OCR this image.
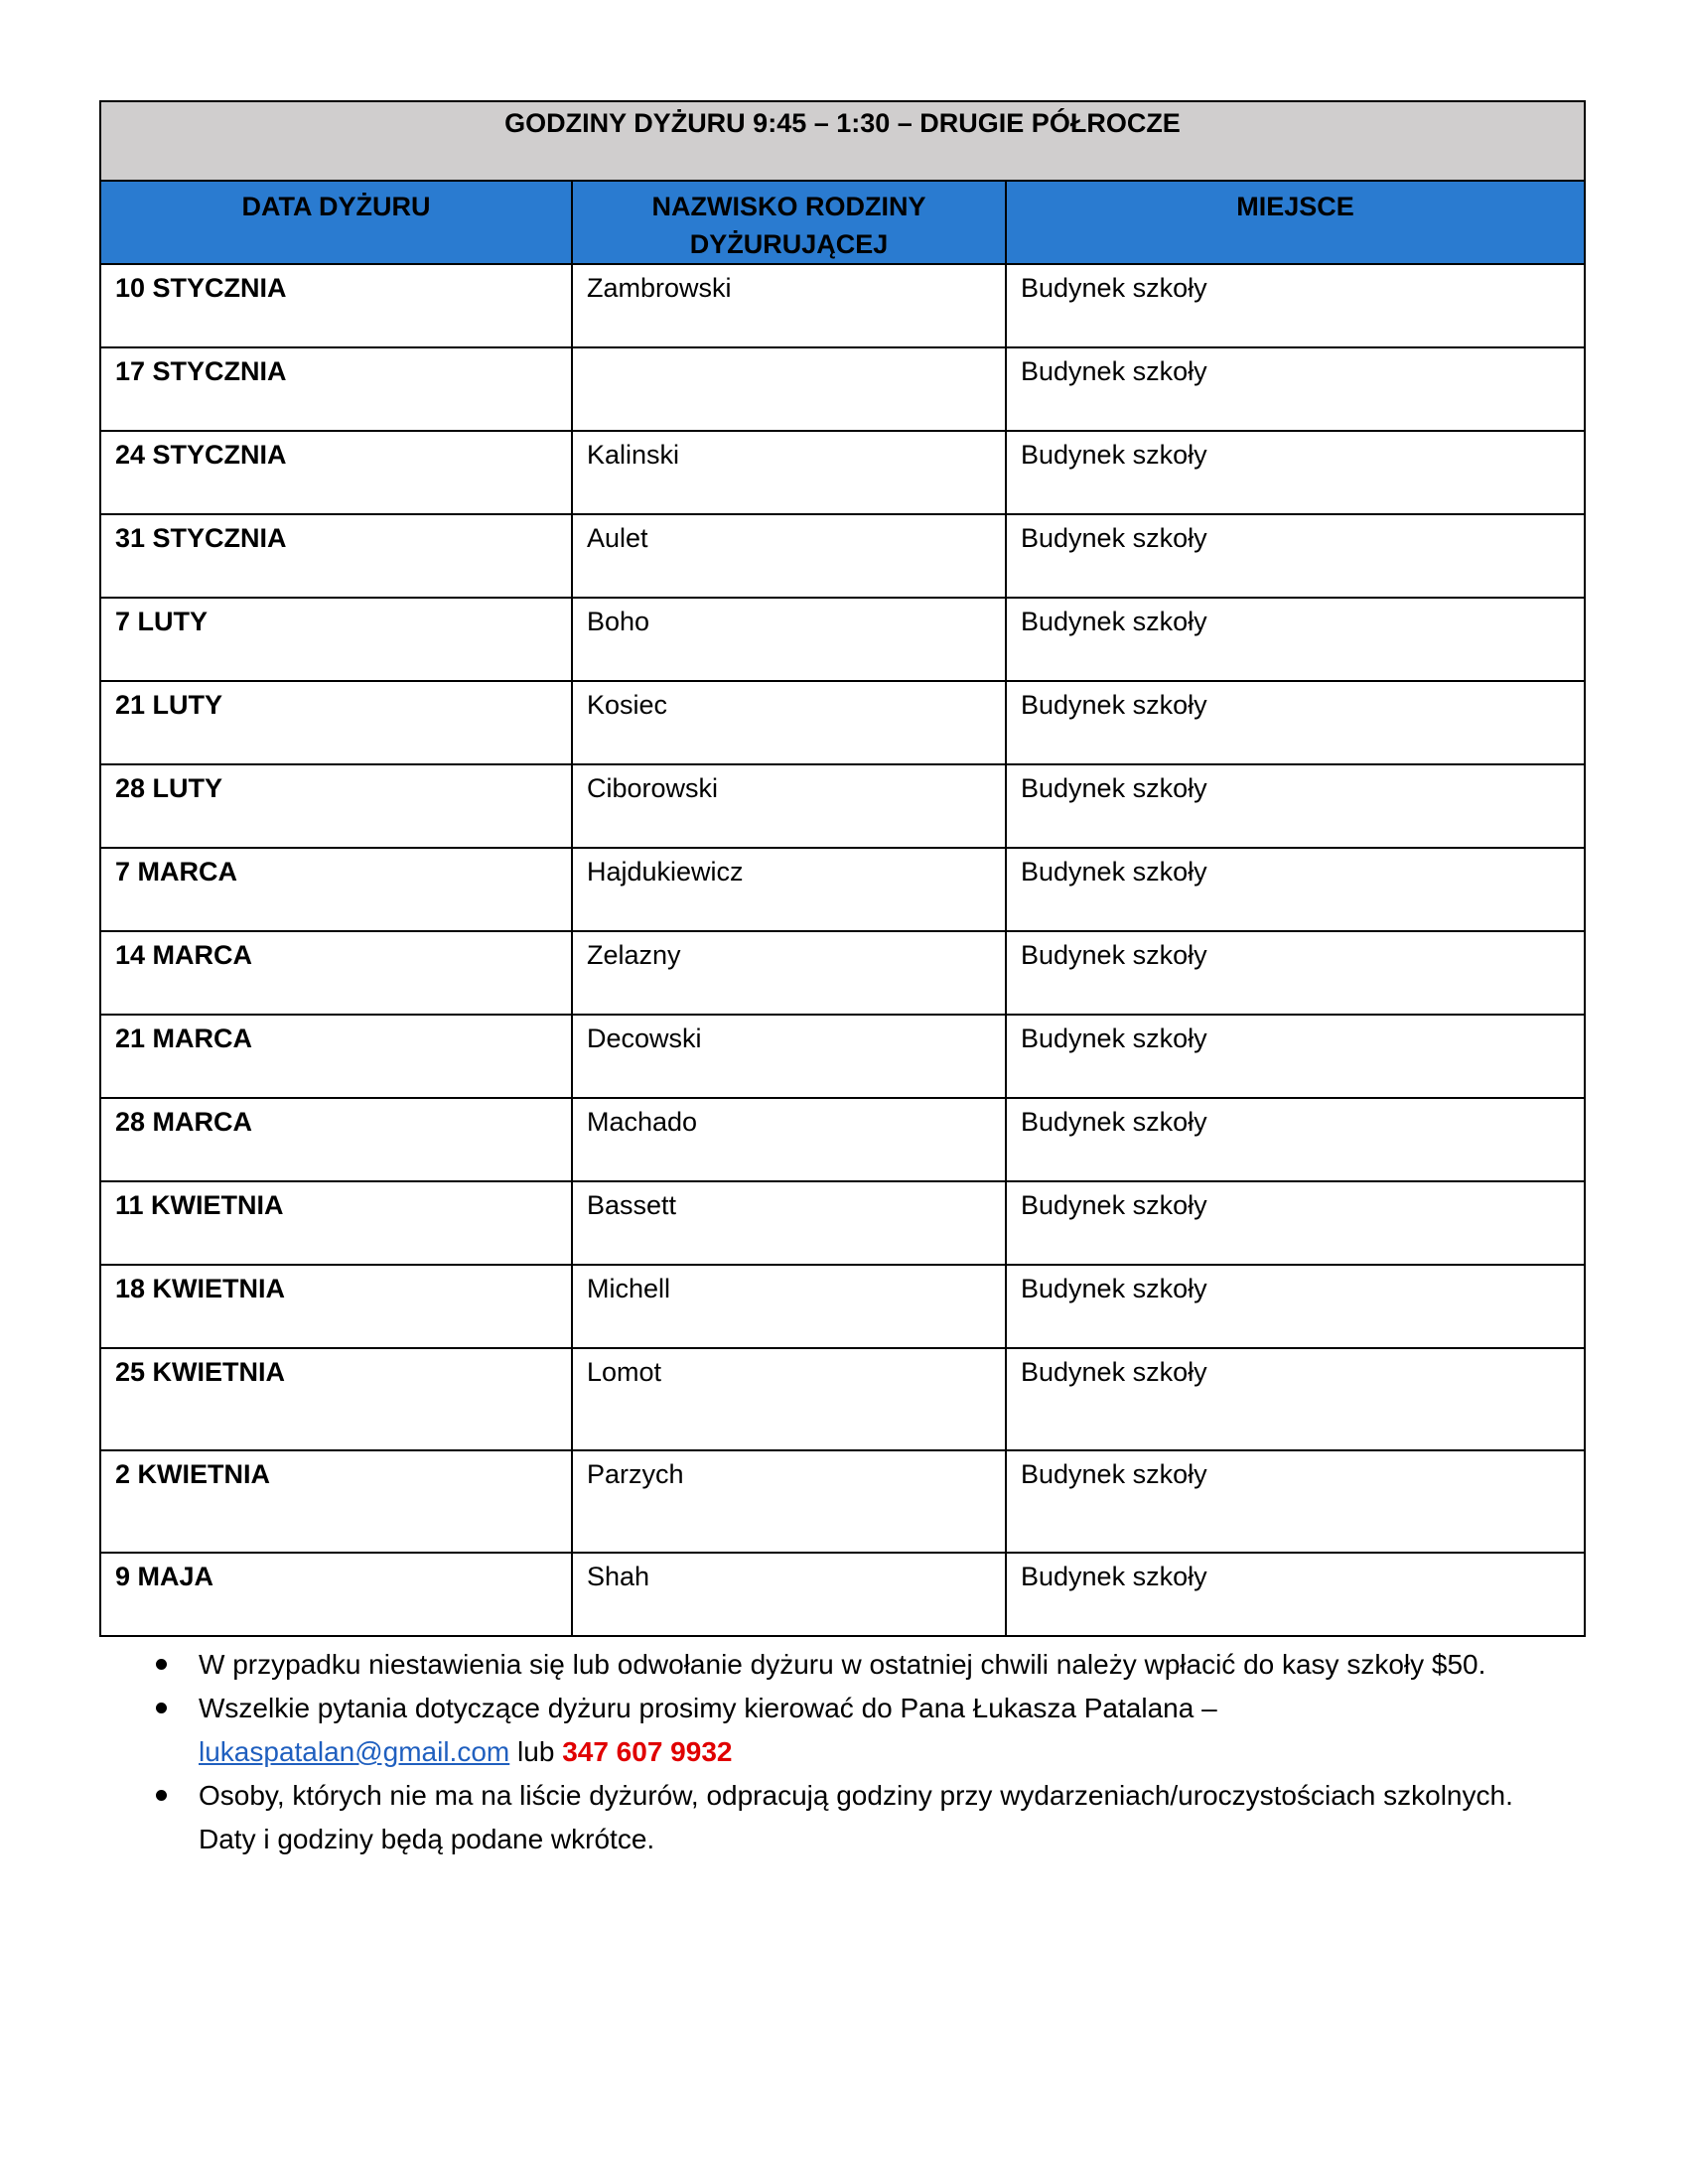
GODZINY DYŻURU 9:45 – 1:30 – DRUGIE PÓŁROCZE		
DATA DYŻURU	NAZWISKO RODZINY DYŻURUJĄCEJ	MIEJSCE
10 STYCZNIA	Zambrowski	Budynek szkoły
17 STYCZNIA		Budynek szkoły
24 STYCZNIA	Kalinski	Budynek szkoły
31 STYCZNIA	Aulet	Budynek szkoły
7 LUTY	Boho	Budynek szkoły
21 LUTY	Kosiec	Budynek szkoły
28 LUTY	Ciborowski	Budynek szkoły
7 MARCA	Hajdukiewicz	Budynek szkoły
14 MARCA	Zelazny	Budynek szkoły
21 MARCA	Decowski	Budynek szkoły
28 MARCA	Machado	Budynek szkoły
11 KWIETNIA	Bassett	Budynek szkoły
18 KWIETNIA	Michell	Budynek szkoły
25 KWIETNIA	Lomot	Budynek szkoły
2 KWIETNIA	Parzych	Budynek szkoły
9 MAJA	Shah	Budynek szkoły
W przypadku niestawienia się lub odwołanie dyżuru w ostatniej chwili należy wpłacić do kasy szkoły $50.
Wszelkie pytania dotyczące dyżuru prosimy kierować do Pana Łukasza Patalana –
lukaspatalan@gmail.com lub 347 607 9932
Osoby, których nie ma na liście dyżurów, odpracują godziny przy wydarzeniach/uroczystościach szkolnych. Daty i godziny będą podane wkrótce.
